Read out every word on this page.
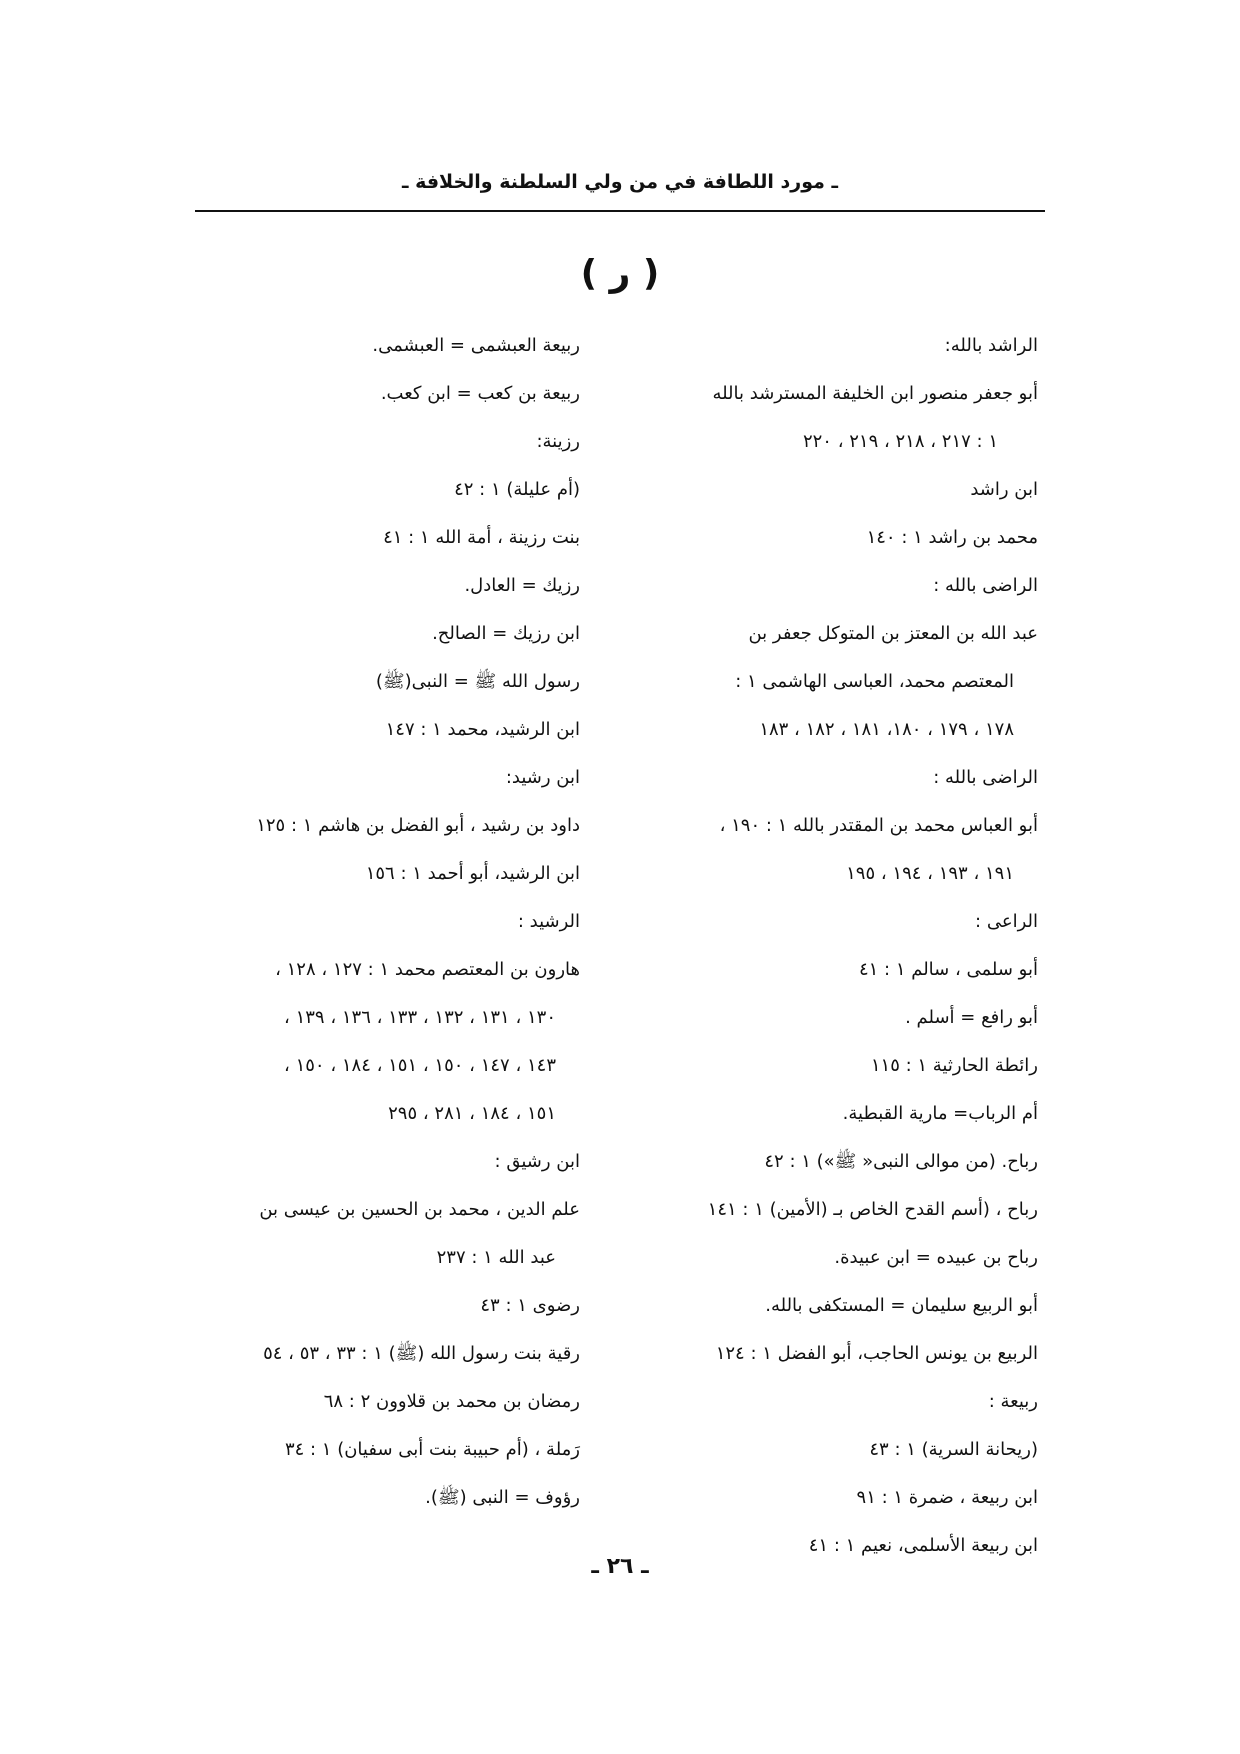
ـ مورد اللطافة في من ولي السلطنة والخلافة ـ
( ر )
الراشد بالله:
أبو جعفر منصور ابن الخليفة المسترشد بالله
١ : ٢١٧ ، ٢١٨ ، ٢١٩ ، ٢٢٠
ابن راشد
محمد بن راشد ١ : ١٤٠
الراضى بالله :
عبد الله بن المعتز بن المتوكل جعفر بن
المعتصم محمد، العباسى الهاشمى ١ :
١٧٨ ، ١٧٩ ، ١٨٠، ١٨١ ، ١٨٢ ، ١٨٣
الراضى بالله :
أبو العباس محمد بن المقتدر بالله ١ : ١٩٠ ،
١٩١ ، ١٩٣ ، ١٩٤ ، ١٩٥
الراعى :
أبو سلمى ، سالم ١ : ٤١
أبو رافع = أسلم .
رائطة الحارثية ١ : ١١٥
أم الرباب= مارية القبطية.
رباح. (من موالى النبى« ﷺ») ١ : ٤٢
رباح ، (أسم القدح الخاص بـ (الأمين) ١ : ١٤١
رباح بن عبيده = ابن عبيدة.
أبو الربيع سليمان = المستكفى بالله.
الربيع بن يونس الحاجب، أبو الفضل ١ : ١٢٤
ربيعة :
(ريحانة السرية) ١ : ٤٣
ابن ربيعة ، ضمرة ١ : ٩١
ابن ربيعة الأسلمى، نعيم ١ : ٤١
ربيعة العبشمى = العبشمى.
ربيعة بن كعب = ابن كعب.
رزينة:
(أم عليلة) ١ : ٤٢
بنت رزينة ، أمة الله ١ : ٤١
رزيك = العادل.
ابن رزيك = الصالح.
رسول الله ﷺ = النبى(ﷺ)
ابن الرشيد، محمد ١ : ١٤٧
ابن رشيد:
داود بن رشيد ، أبو الفضل بن هاشم ١ : ١٢٥
ابن الرشيد، أبو أحمد ١ : ١٥٦
الرشيد :
هارون بن المعتصم محمد ١ : ١٢٧ ، ١٢٨ ،
١٣٠ ، ١٣١ ، ١٣٢ ، ١٣٣ ، ١٣٦ ، ١٣٩ ،
١٤٣ ، ١٤٧ ، ١٥٠ ، ١٥١ ، ١٨٤ ، ١٥٠ ،
١٥١ ، ١٨٤ ، ٢٨١ ، ٢٩٥
ابن رشيق :
علم الدين ، محمد بن الحسين بن عيسى بن
عبد الله ١ : ٢٣٧
رضوى ١ : ٤٣
رقية بنت رسول الله (ﷺ) ١ : ٣٣ ، ٥٣ ، ٥٤
رمضان بن محمد بن قلاوون ٢ : ٦٨
رَملة ، (أم حبيبة بنت أبى سفيان) ١ : ٣٤
رؤوف = النبى (ﷺ).
ـ ٢٦ ـ
